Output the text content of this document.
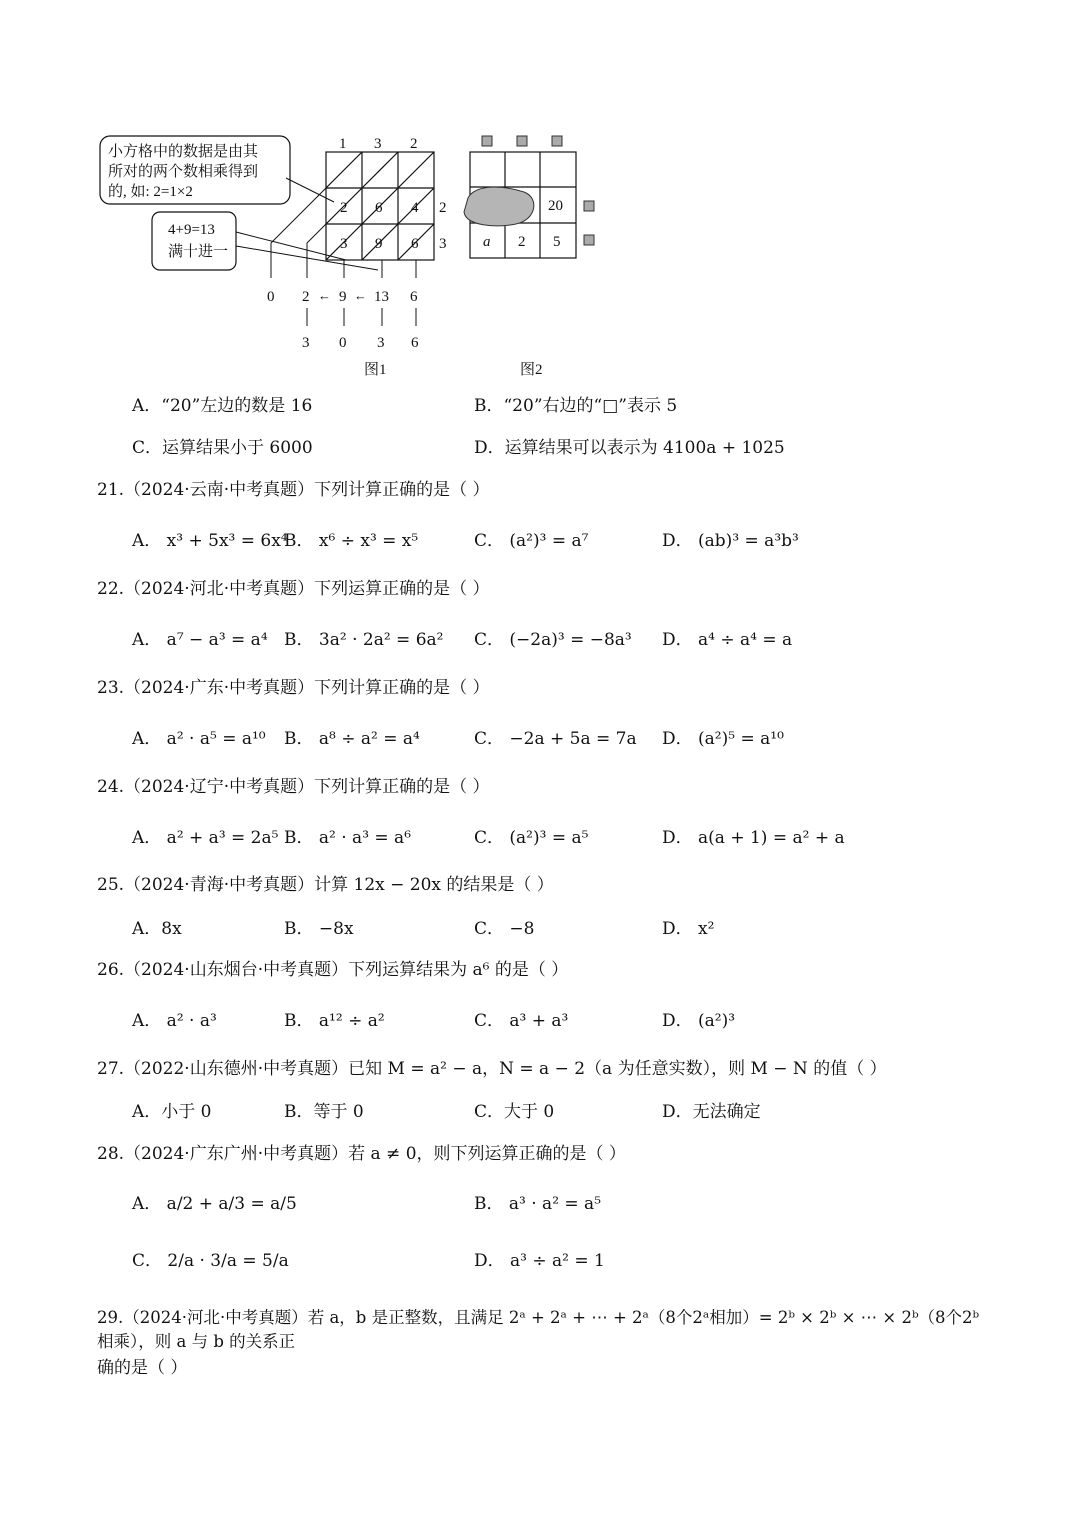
小方格中的数据是由其
所对的两个数相乘得到
的, 如: 2=1×2
1 3 2
2
3
2 6 4
3 9 6
4+9=13
满十进一
0 2 9 13 6
← ←
3 0 3 6
图1
20
a 2 5
图2
A．“20”左边的数是 16	B．“20”右边的“□”表示 5
C．运算结果小于 6000	D．运算结果可以表示为 4100a + 1025
21.（2024·云南·中考真题）下列计算正确的是（ ）
A． x³ + 5x³ = 6x⁴
B． x⁶ ÷ x³ = x⁵	C． (a²)³ = a⁷	D． (ab)³ = a³b³
22.（2024·河北·中考真题）下列运算正确的是（ ）
A． a⁷ − a³ = a⁴ B． 3a² · 2a² = 6a² C． (−2a)³ = −8a³ D． a⁴ ÷ a⁴ = a
23.（2024·广东·中考真题）下列计算正确的是（ ）
A． a² · a⁵ = a¹⁰ B． a⁸ ÷ a² = a⁴	C． −2a + 5a = 7a D． (a²)⁵ = a¹⁰
24.（2024·辽宁·中考真题）下列计算正确的是（ ）
A． a² + a³ = 2a⁵ B． a² · a³ = a⁶	C． (a²)³ = a⁵	D． a(a + 1) = a² + a
25.（2024·青海·中考真题）计算 12x − 20x 的结果是（ ）
A．8x	B． −8x	C． −8	D． x²
26.（2024·山东烟台·中考真题）下列运算结果为 a⁶ 的是（ ）
A． a² · a³	B． a¹² ÷ a²	C． a³ + a³	D． (a²)³
27.（2022·山东德州·中考真题）已知 M = a² − a，N = a − 2（a 为任意实数），则 M − N 的值（ ）
A．小于 0	B．等于 0	C．大于 0	D．无法确定
28.（2024·广东广州·中考真题）若 a ≠ 0，则下列运算正确的是（ ）
A． a/2 + a/3 = a/5	B． a³ · a² = a⁵
C． 2/a · 3/a = 5/a	D． a³ ÷ a² = 1
29.（2024·河北·中考真题）若 a，b 是正整数，且满足 2ᵃ + 2ᵃ + ⋯ + 2ᵃ（8个2ᵃ相加）= 2ᵇ × 2ᵇ × ⋯ × 2ᵇ（8个2ᵇ相乘），则 a 与 b 的关系正
确的是（ ）
